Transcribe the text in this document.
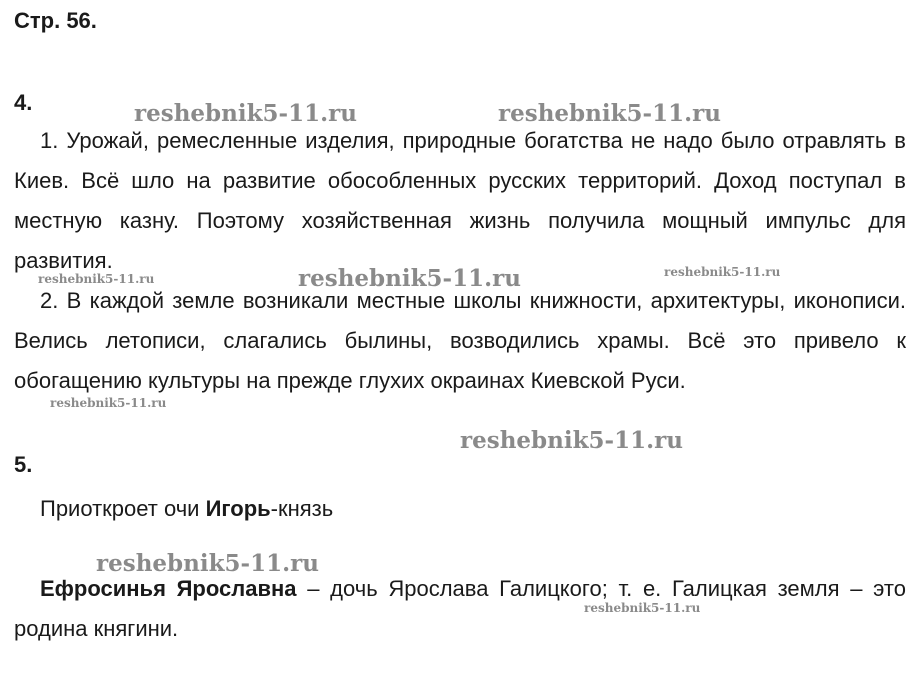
Стр. 56.
4.

1. Урожай, ремесленные изделия, природные богатства не надо было отравлять в Киев. Всё шло на развитие обособленных русских территорий. Доход поступал в местную казну. Поэтому хозяйственная жизнь получила мощный импульс для развития.

2. В каждой земле возникали местные школы книжности, архитектуры, иконописи. Велись летописи, слагались былины, возводились храмы. Всё это привело к обогащению культуры на прежде глухих окраинах Киевской Руси.

5.

Приоткроет очи Игорь-князь

Ефросинья Ярославна – дочь Ярослава Галицкого; т. е. Галицкая земля – это родина княгини.

reshebnik5-11.ru	reshebnik5-11.ru
reshebnik5-11.ru	reshebnik5-11.ru	reshebnik5-11.ru
reshebnik5-11.ru
reshebnik5-11.ru
reshebnik5-11.ru
reshebnik5-11.ru
